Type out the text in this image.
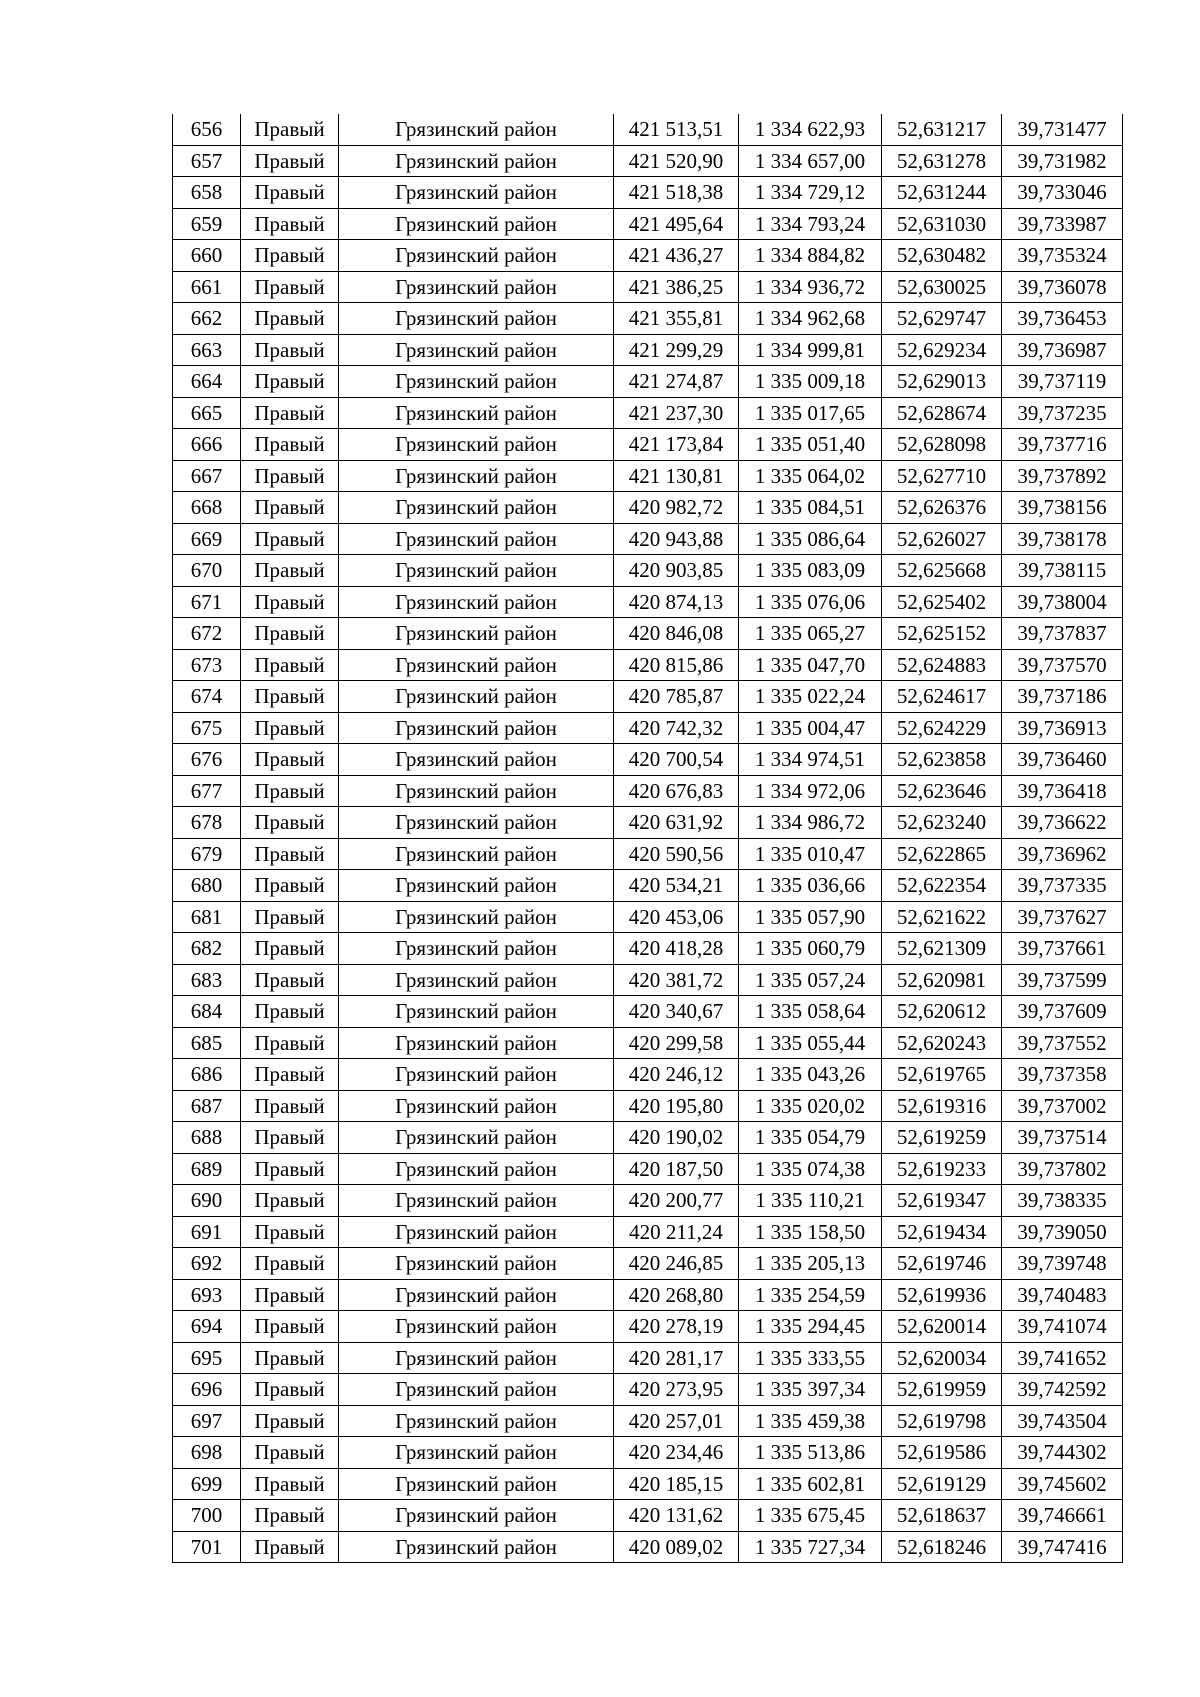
656	Правый	Грязинский район	421 513,51	1 334 622,93	52,631217	39,731477
657	Правый	Грязинский район	421 520,90	1 334 657,00	52,631278	39,731982
658	Правый	Грязинский район	421 518,38	1 334 729,12	52,631244	39,733046
659	Правый	Грязинский район	421 495,64	1 334 793,24	52,631030	39,733987
660	Правый	Грязинский район	421 436,27	1 334 884,82	52,630482	39,735324
661	Правый	Грязинский район	421 386,25	1 334 936,72	52,630025	39,736078
662	Правый	Грязинский район	421 355,81	1 334 962,68	52,629747	39,736453
663	Правый	Грязинский район	421 299,29	1 334 999,81	52,629234	39,736987
664	Правый	Грязинский район	421 274,87	1 335 009,18	52,629013	39,737119
665	Правый	Грязинский район	421 237,30	1 335 017,65	52,628674	39,737235
666	Правый	Грязинский район	421 173,84	1 335 051,40	52,628098	39,737716
667	Правый	Грязинский район	421 130,81	1 335 064,02	52,627710	39,737892
668	Правый	Грязинский район	420 982,72	1 335 084,51	52,626376	39,738156
669	Правый	Грязинский район	420 943,88	1 335 086,64	52,626027	39,738178
670	Правый	Грязинский район	420 903,85	1 335 083,09	52,625668	39,738115
671	Правый	Грязинский район	420 874,13	1 335 076,06	52,625402	39,738004
672	Правый	Грязинский район	420 846,08	1 335 065,27	52,625152	39,737837
673	Правый	Грязинский район	420 815,86	1 335 047,70	52,624883	39,737570
674	Правый	Грязинский район	420 785,87	1 335 022,24	52,624617	39,737186
675	Правый	Грязинский район	420 742,32	1 335 004,47	52,624229	39,736913
676	Правый	Грязинский район	420 700,54	1 334 974,51	52,623858	39,736460
677	Правый	Грязинский район	420 676,83	1 334 972,06	52,623646	39,736418
678	Правый	Грязинский район	420 631,92	1 334 986,72	52,623240	39,736622
679	Правый	Грязинский район	420 590,56	1 335 010,47	52,622865	39,736962
680	Правый	Грязинский район	420 534,21	1 335 036,66	52,622354	39,737335
681	Правый	Грязинский район	420 453,06	1 335 057,90	52,621622	39,737627
682	Правый	Грязинский район	420 418,28	1 335 060,79	52,621309	39,737661
683	Правый	Грязинский район	420 381,72	1 335 057,24	52,620981	39,737599
684	Правый	Грязинский район	420 340,67	1 335 058,64	52,620612	39,737609
685	Правый	Грязинский район	420 299,58	1 335 055,44	52,620243	39,737552
686	Правый	Грязинский район	420 246,12	1 335 043,26	52,619765	39,737358
687	Правый	Грязинский район	420 195,80	1 335 020,02	52,619316	39,737002
688	Правый	Грязинский район	420 190,02	1 335 054,79	52,619259	39,737514
689	Правый	Грязинский район	420 187,50	1 335 074,38	52,619233	39,737802
690	Правый	Грязинский район	420 200,77	1 335 110,21	52,619347	39,738335
691	Правый	Грязинский район	420 211,24	1 335 158,50	52,619434	39,739050
692	Правый	Грязинский район	420 246,85	1 335 205,13	52,619746	39,739748
693	Правый	Грязинский район	420 268,80	1 335 254,59	52,619936	39,740483
694	Правый	Грязинский район	420 278,19	1 335 294,45	52,620014	39,741074
695	Правый	Грязинский район	420 281,17	1 335 333,55	52,620034	39,741652
696	Правый	Грязинский район	420 273,95	1 335 397,34	52,619959	39,742592
697	Правый	Грязинский район	420 257,01	1 335 459,38	52,619798	39,743504
698	Правый	Грязинский район	420 234,46	1 335 513,86	52,619586	39,744302
699	Правый	Грязинский район	420 185,15	1 335 602,81	52,619129	39,745602
700	Правый	Грязинский район	420 131,62	1 335 675,45	52,618637	39,746661
701	Правый	Грязинский район	420 089,02	1 335 727,34	52,618246	39,747416
